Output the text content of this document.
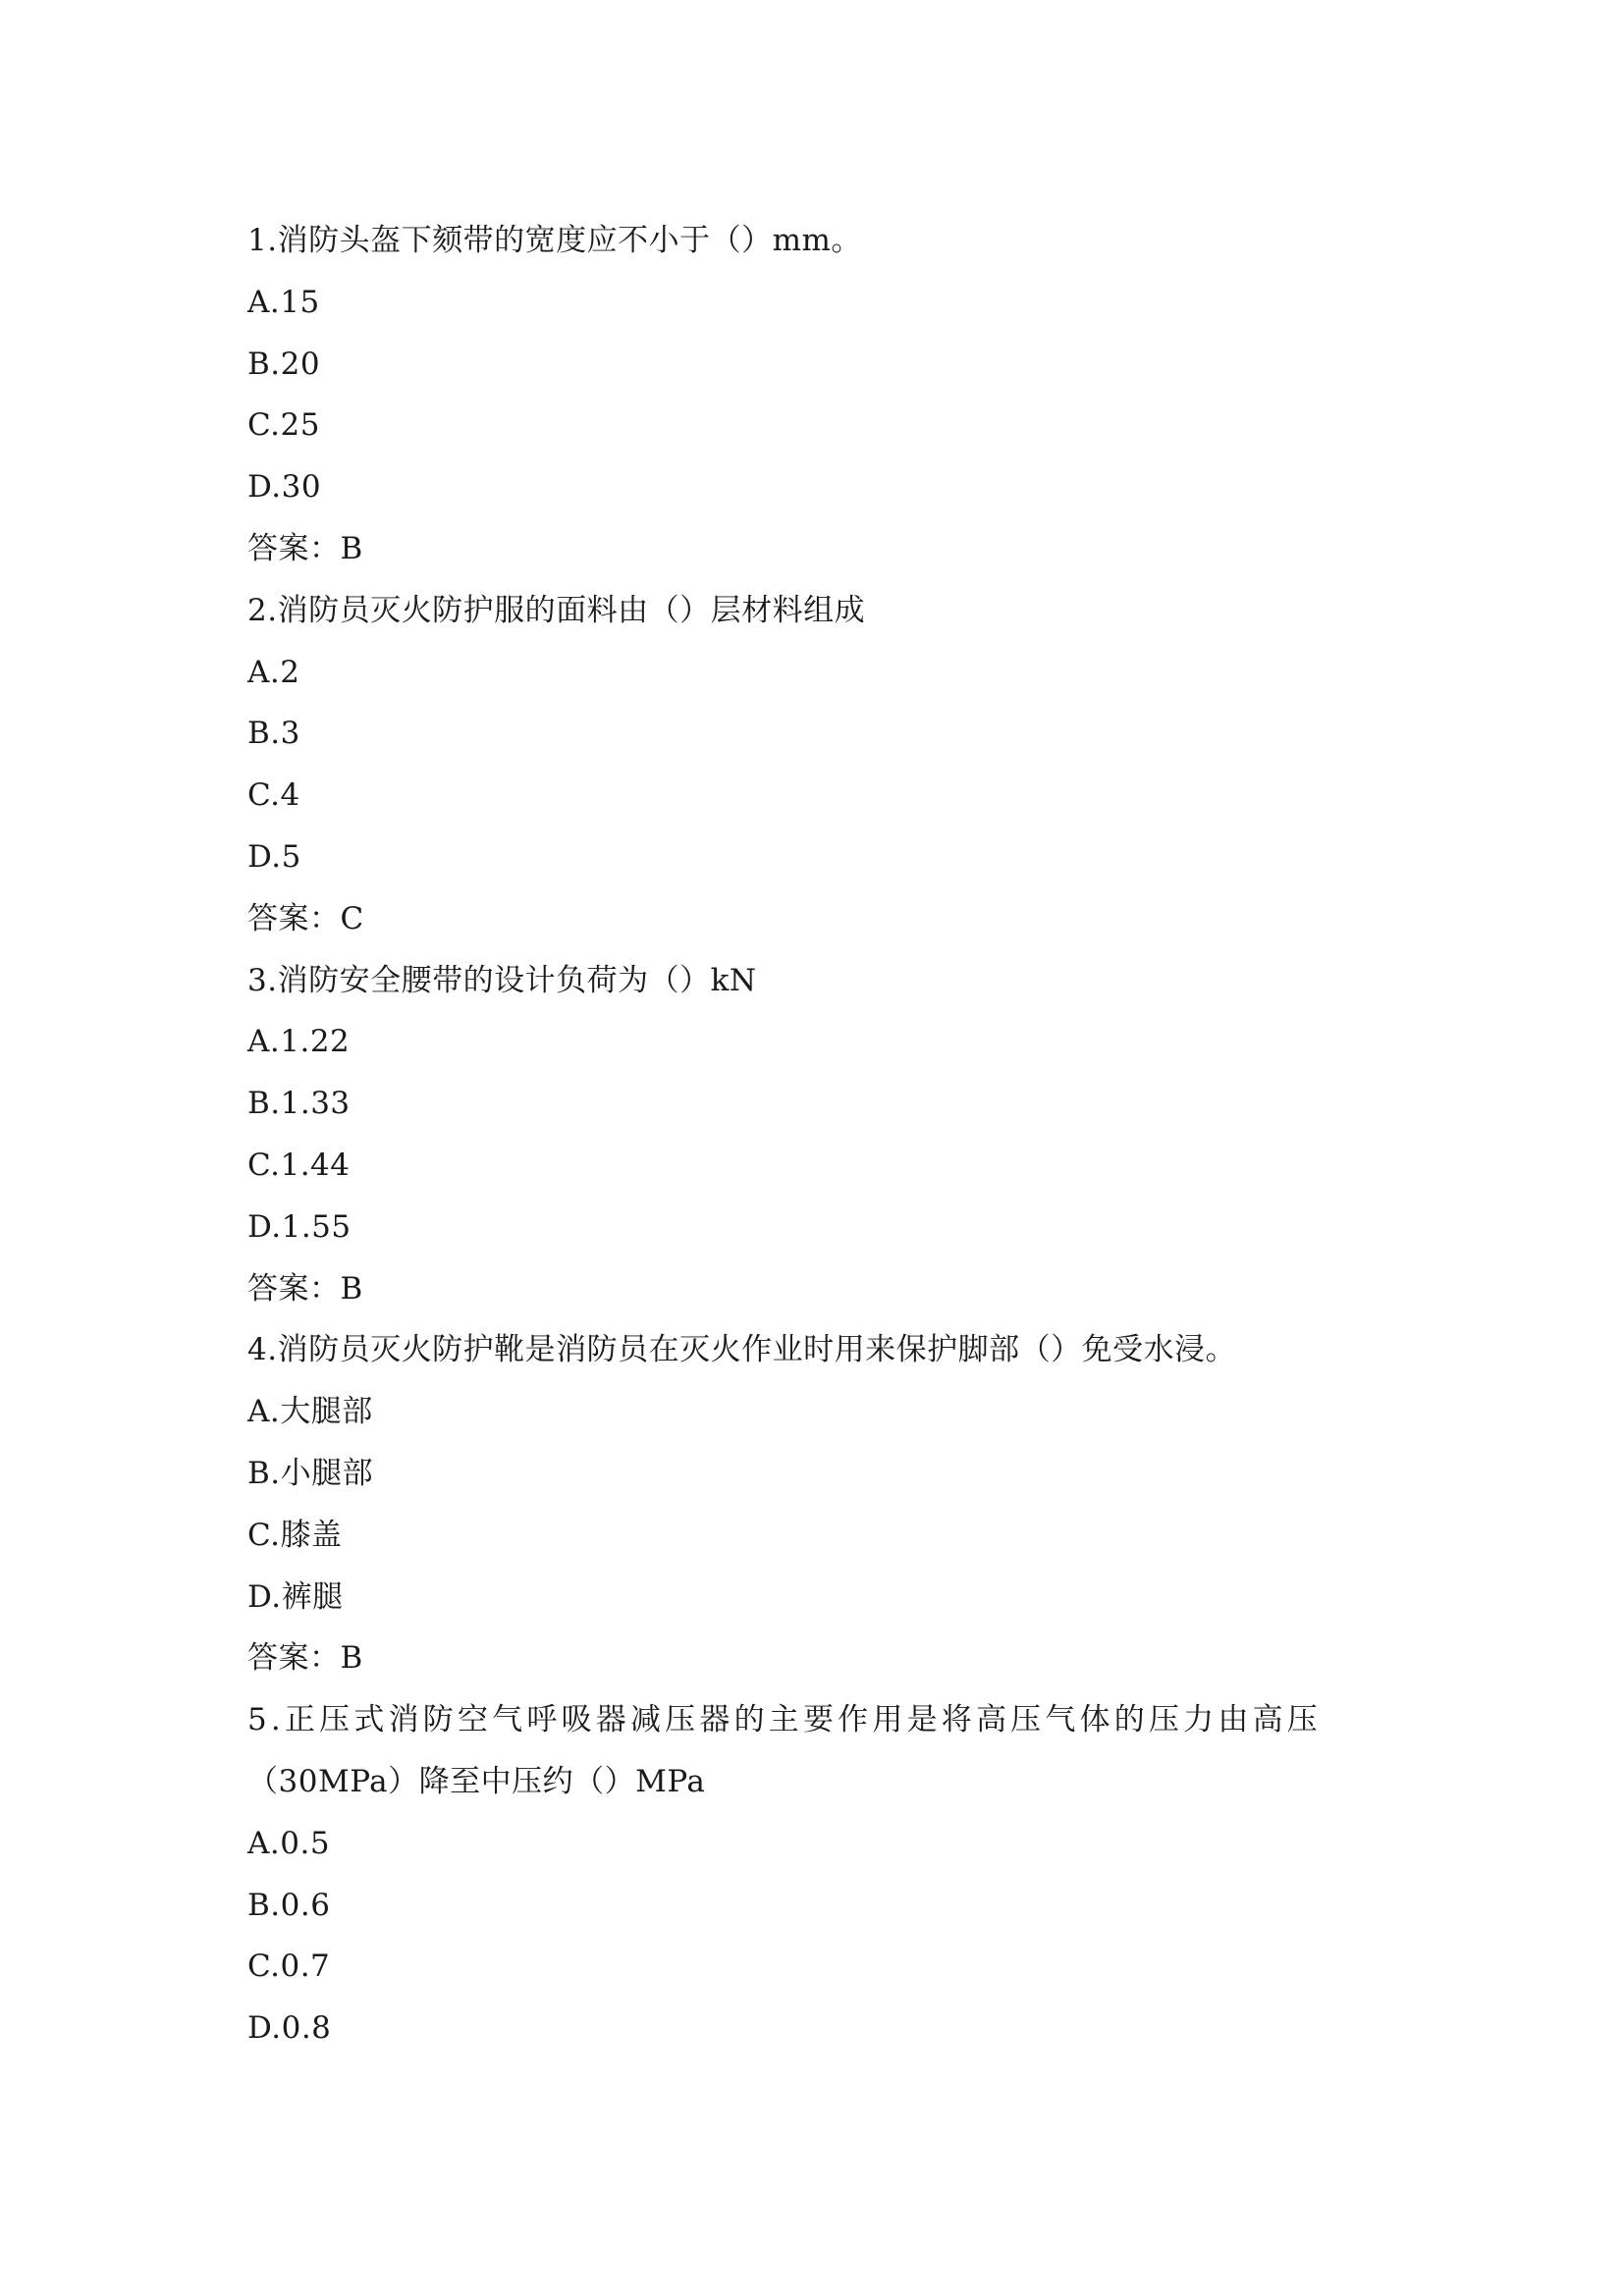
1.消防头盔下颏带的宽度应不小于（）mm。
A.15
B.20
C.25
D.30
答案：B
2.消防员灭火防护服的面料由（）层材料组成
A.2
B.3
C.4
D.5
答案：C
3.消防安全腰带的设计负荷为（）kN
A.1.22
B.1.33
C.1.44
D.1.55
答案：B
4.消防员灭火防护靴是消防员在灭火作业时用来保护脚部（）免受水浸。
A.大腿部
B.小腿部
C.膝盖
D.裤腿
答案：B
5.正压式消防空气呼吸器减压器的主要作用是将高压气体的压力由高压
（30MPa）降至中压约（）MPa
A.0.5
B.0.6
C.0.7
D.0.8
